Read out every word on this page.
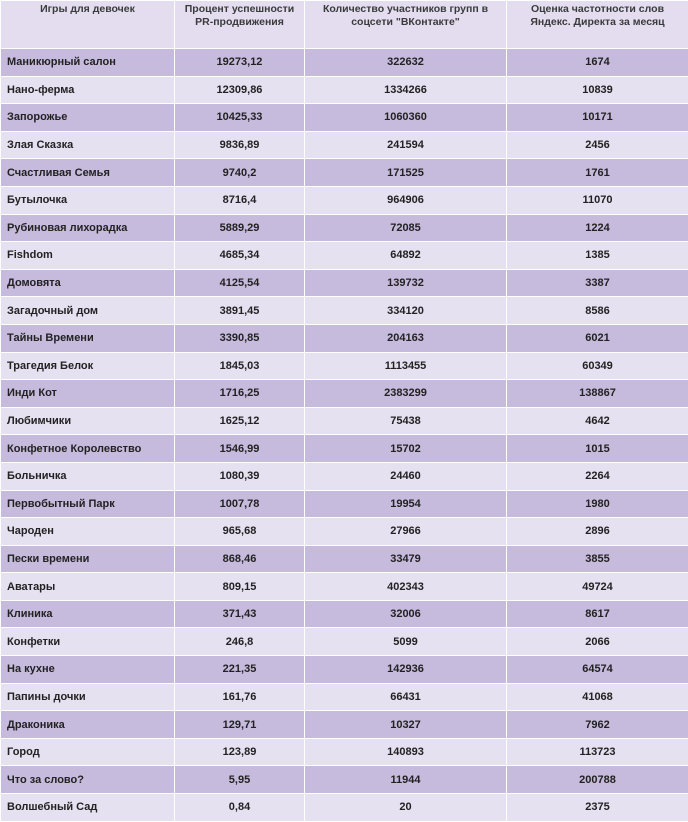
Игры для девочек	Процент успешности PR-продвижения	Количество участников групп в соцсети "ВКонтакте"	Оценка частотности слов Яндекс. Директа за месяц
Маникюрный салон	19273,12	322632	1674
Нано-ферма	12309,86	1334266	10839
Запорожье	10425,33	1060360	10171
Злая Сказка	9836,89	241594	2456
Счастливая Семья	9740,2	171525	1761
Бутылочка	8716,4	964906	11070
Рубиновая лихорадка	5889,29	72085	1224
Fishdom	4685,34	64892	1385
Домовята	4125,54	139732	3387
Загадочный дом	3891,45	334120	8586
Тайны Времени	3390,85	204163	6021
Трагедия Белок	1845,03	1113455	60349
Инди Кот	1716,25	2383299	138867
Любимчики	1625,12	75438	4642
Конфетное Королевство	1546,99	15702	1015
Больничка	1080,39	24460	2264
Первобытный Парк	1007,78	19954	1980
Чароден	965,68	27966	2896
Пески времени	868,46	33479	3855
Аватары	809,15	402343	49724
Клиника	371,43	32006	8617
Конфетки	246,8	5099	2066
На кухне	221,35	142936	64574
Папины дочки	161,76	66431	41068
Драконика	129,71	10327	7962
Город	123,89	140893	113723
Что за слово?	5,95	11944	200788
Волшебный Сад	0,84	20	2375
